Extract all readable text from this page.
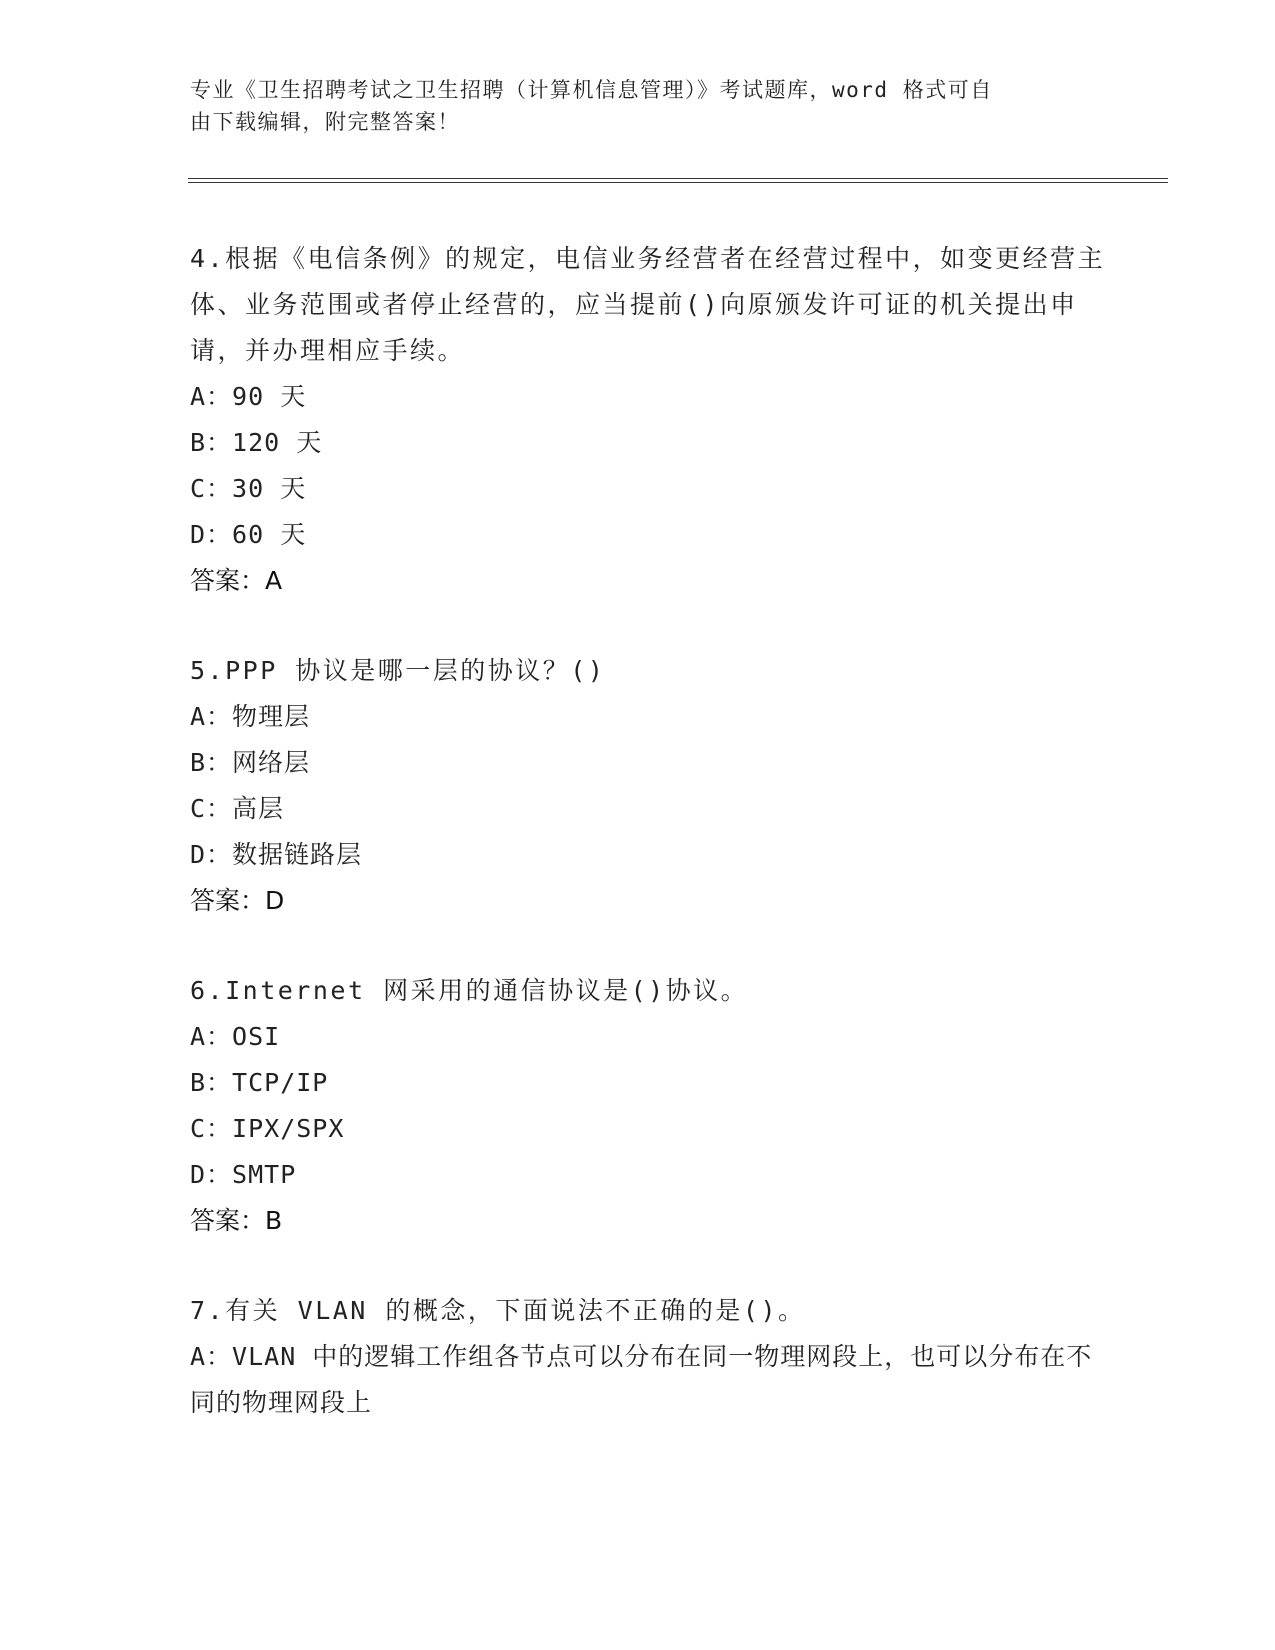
专业《卫生招聘考试之卫生招聘（计算机信息管理）》考试题库，word 格式可自
由下载编辑，附完整答案！

4.根据《电信条例》的规定，电信业务经营者在经营过程中，如变更经营主体、业务范围或者停止经营的，应当提前()向原颁发许可证的机关提出申请，并办理相应手续。

A：90 天

B：120 天

C：30 天

D：60 天

答案：A

5.PPP 协议是哪一层的协议？()

A：物理层

B：网络层

C：高层

D：数据链路层

答案：D

6.Internet 网采用的通信协议是()协议。

A：OSI

B：TCP/IP

C：IPX/SPX

D：SMTP

答案：B

7.有关 VLAN 的概念，下面说法不正确的是()。

A：VLAN 中的逻辑工作组各节点可以分布在同一物理网段上，也可以分布在不同的物理网段上
